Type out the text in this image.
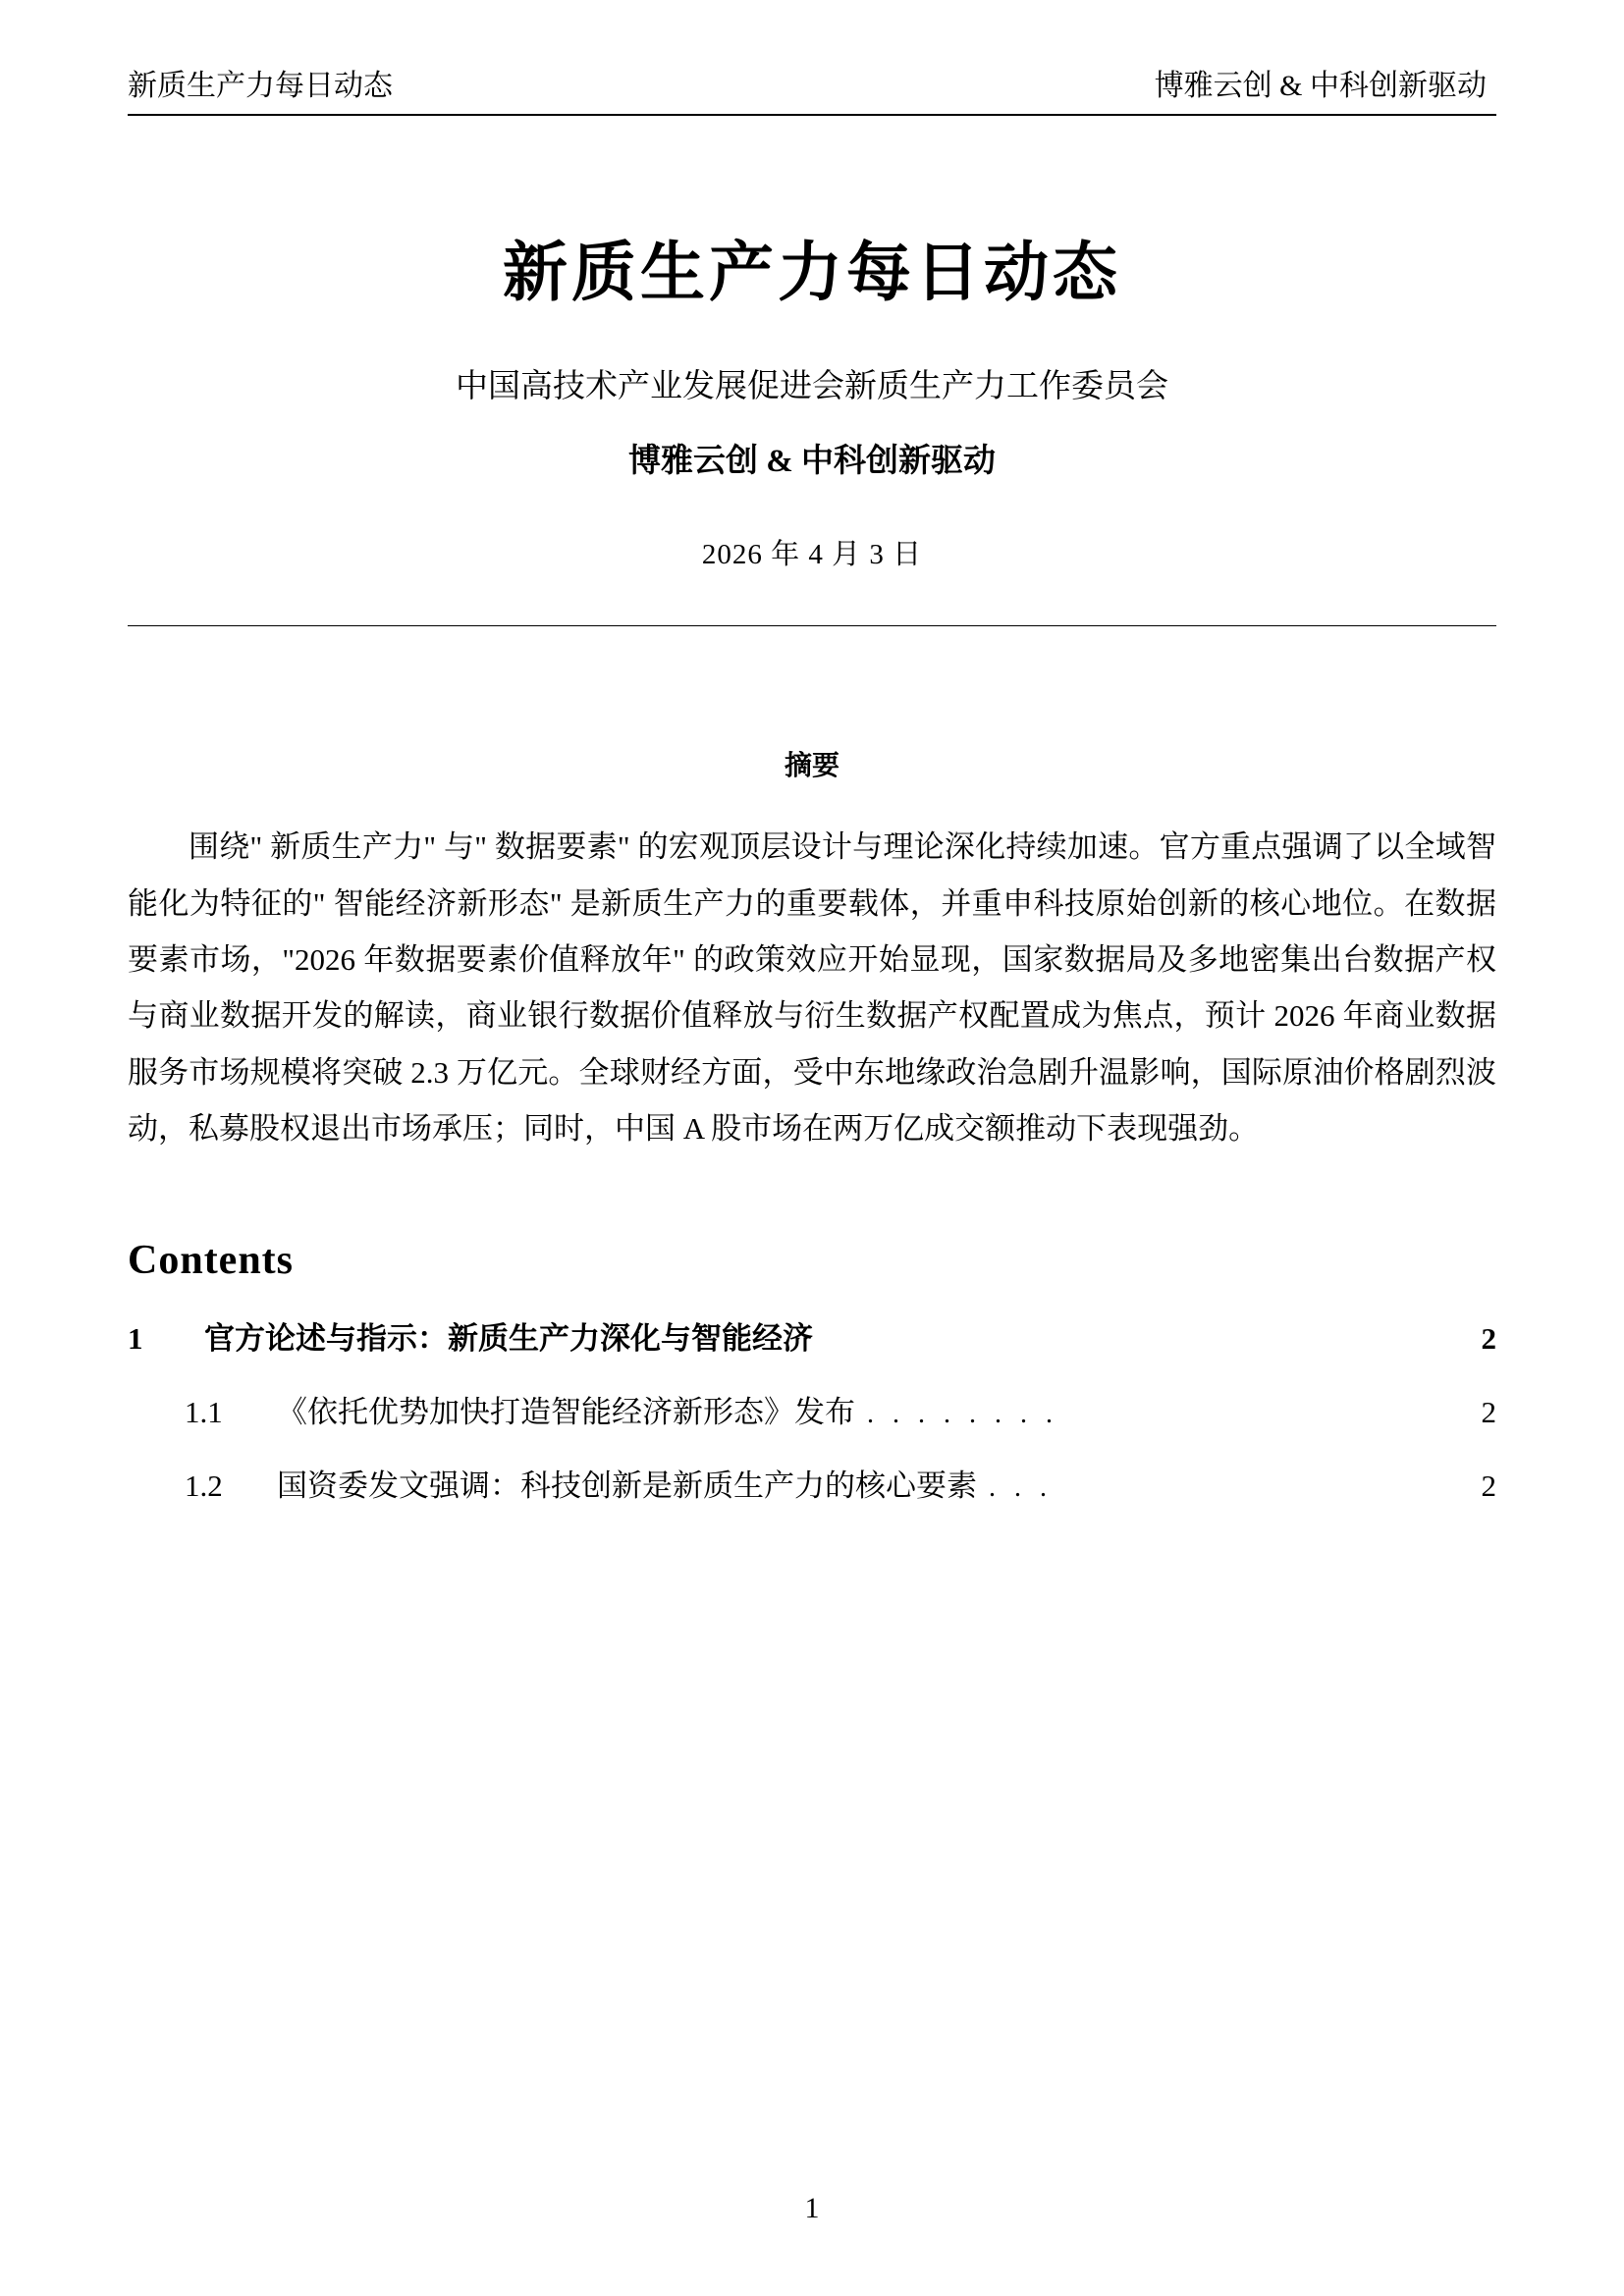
新质生产力每日动态	博雅云创 & 中科创新驱动
新质生产力每日动态
中国高技术产业发展促进会新质生产力工作委员会
博雅云创 & 中科创新驱动
2026 年 4 月 3 日
摘要
围绕" 新质生产力" 与" 数据要素" 的宏观顶层设计与理论深化持续加速。官方重点强调了以全域智能化为特征的" 智能经济新形态" 是新质生产力的重要载体，并重申科技原始创新的核心地位。在数据要素市场，"2026 年数据要素价值释放年" 的政策效应开始显现，国家数据局及多地密集出台数据产权与商业数据开发的解读，商业银行数据价值释放与衍生数据产权配置成为焦点，预计 2026 年商业数据服务市场规模将突破 2.3 万亿元。全球财经方面，受中东地缘政治急剧升温影响，国际原油价格剧烈波动，私募股权退出市场承压；同时，中国 A 股市场在两万亿成交额推动下表现强劲。
Contents
1	官方论述与指示：新质生产力深化与智能经济	2
1.1	《依托优势加快打造智能经济新形态》发布 . . . . . . . .	2
1.2	国资委发文强调：科技创新是新质生产力的核心要素 . . .	2
1
